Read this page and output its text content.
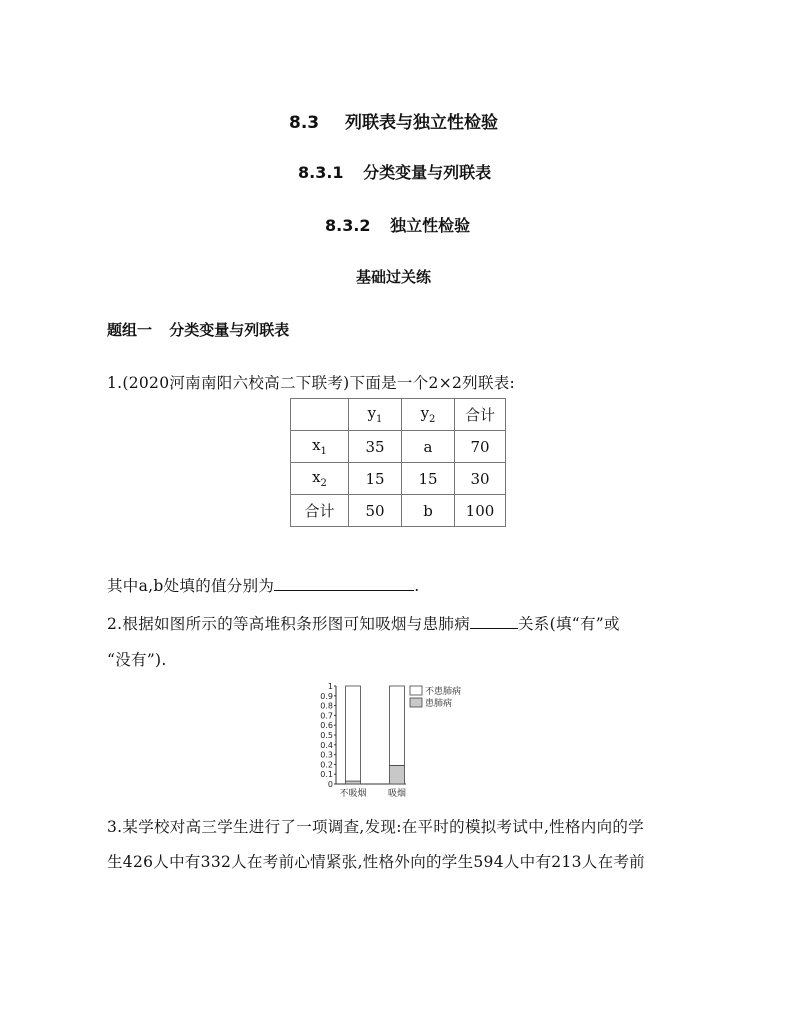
8.3 列联表与独立性检验
8.3.1 分类变量与列联表
8.3.2 独立性检验
基础过关练
题组一 分类变量与列联表
1.(2020河南南阳六校高二下联考)下面是一个2×2列联表:
	$y_1$	$y_2$	合计
$x_1$	35	a	70
$x_2$	15	15	30
合计	50	b	100
其中a,b处填的值分别为	.
2.根据如图所示的等高堆积条形图可知吸烟与患肺病	关系(填“有”或
“没有”).
0
0.1
0.2
0.3
0.4
0.5
0.6
0.7
0.8
0.9
1
不吸烟 吸烟
不患肺病
患肺病
3.某学校对高三学生进行了一项调查,发现:在平时的模拟考试中,性格内向的学
生426人中有332人在考前心情紧张,性格外向的学生594人中有213人在考前
